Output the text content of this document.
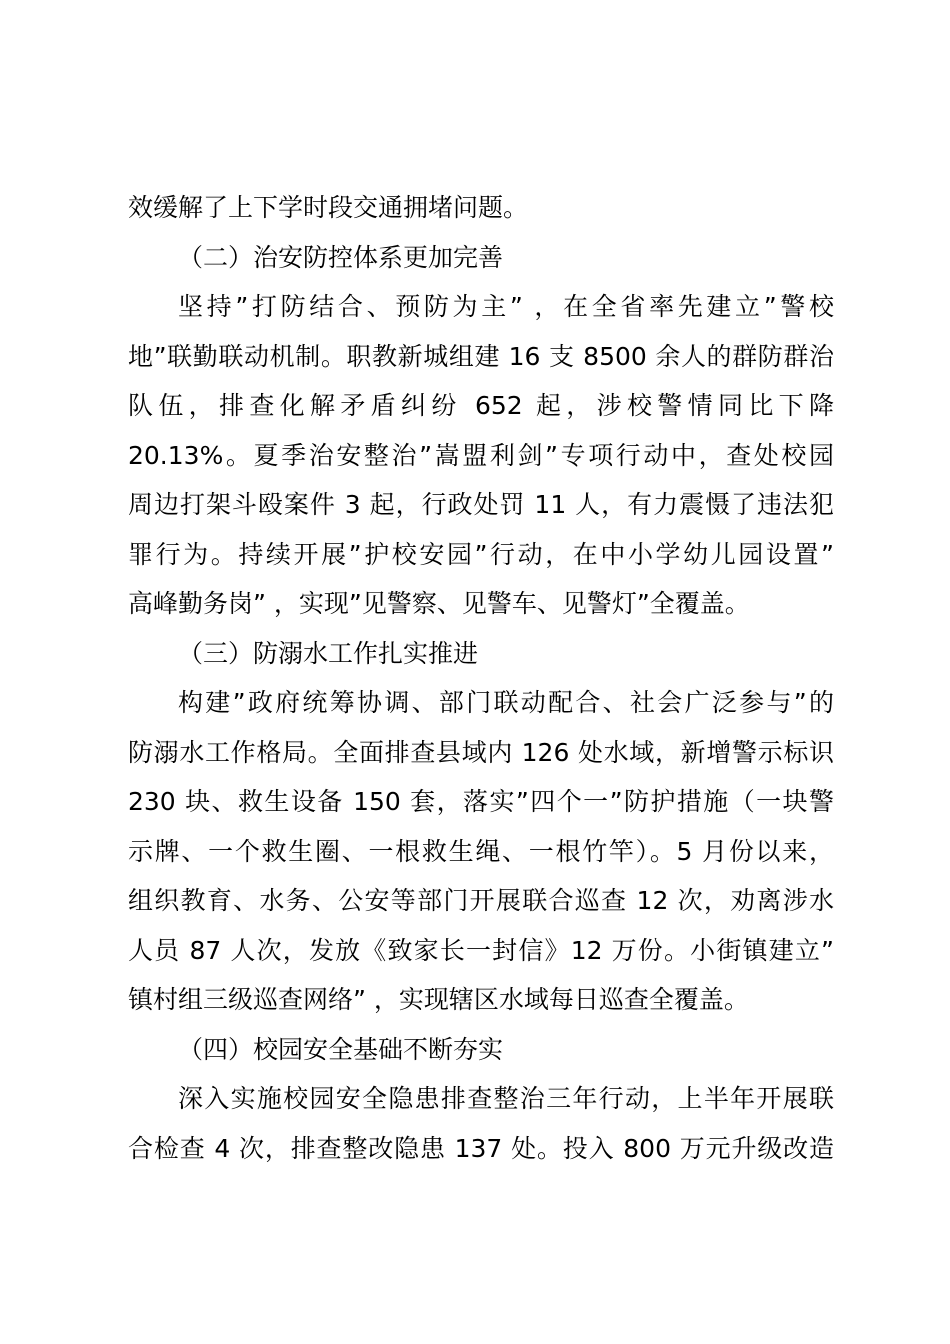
效缓解了上下学时段交通拥堵问题。
（二）治安防控体系更加完善
坚持”打防结合、预防为主” ，在全省率先建立”警校
地”联勤联动机制。职教新城组建 16 支 8500 余人的群防群治
队伍，排查化解矛盾纠纷 652 起，涉校警情同比下降
20.13%。夏季治安整治”嵩盟利剑”专项行动中，查处校园
周边打架斗殴案件 3 起，行政处罚 11 人，有力震慑了违法犯
罪行为。持续开展”护校安园”行动，在中小学幼儿园设置”
高峰勤务岗” ，实现”见警察、见警车、见警灯”全覆盖。
（三）防溺水工作扎实推进
构建”政府统筹协调、部门联动配合、社会广泛参与”的
防溺水工作格局。全面排查县域内 126 处水域，新增警示标识
230 块、救生设备 150 套，落实”四个一”防护措施（一块警
示牌、一个救生圈、一根救生绳、一根竹竿）。5 月份以来，
组织教育、水务、公安等部门开展联合巡查 12 次，劝离涉水
人员 87 人次，发放《致家长一封信》12 万份。小街镇建立”
镇村组三级巡查网络” ，实现辖区水域每日巡查全覆盖。
（四）校园安全基础不断夯实
深入实施校园安全隐患排查整治三年行动，上半年开展联
合检查 4 次，排查整改隐患 137 处。投入 800 万元升级改造
